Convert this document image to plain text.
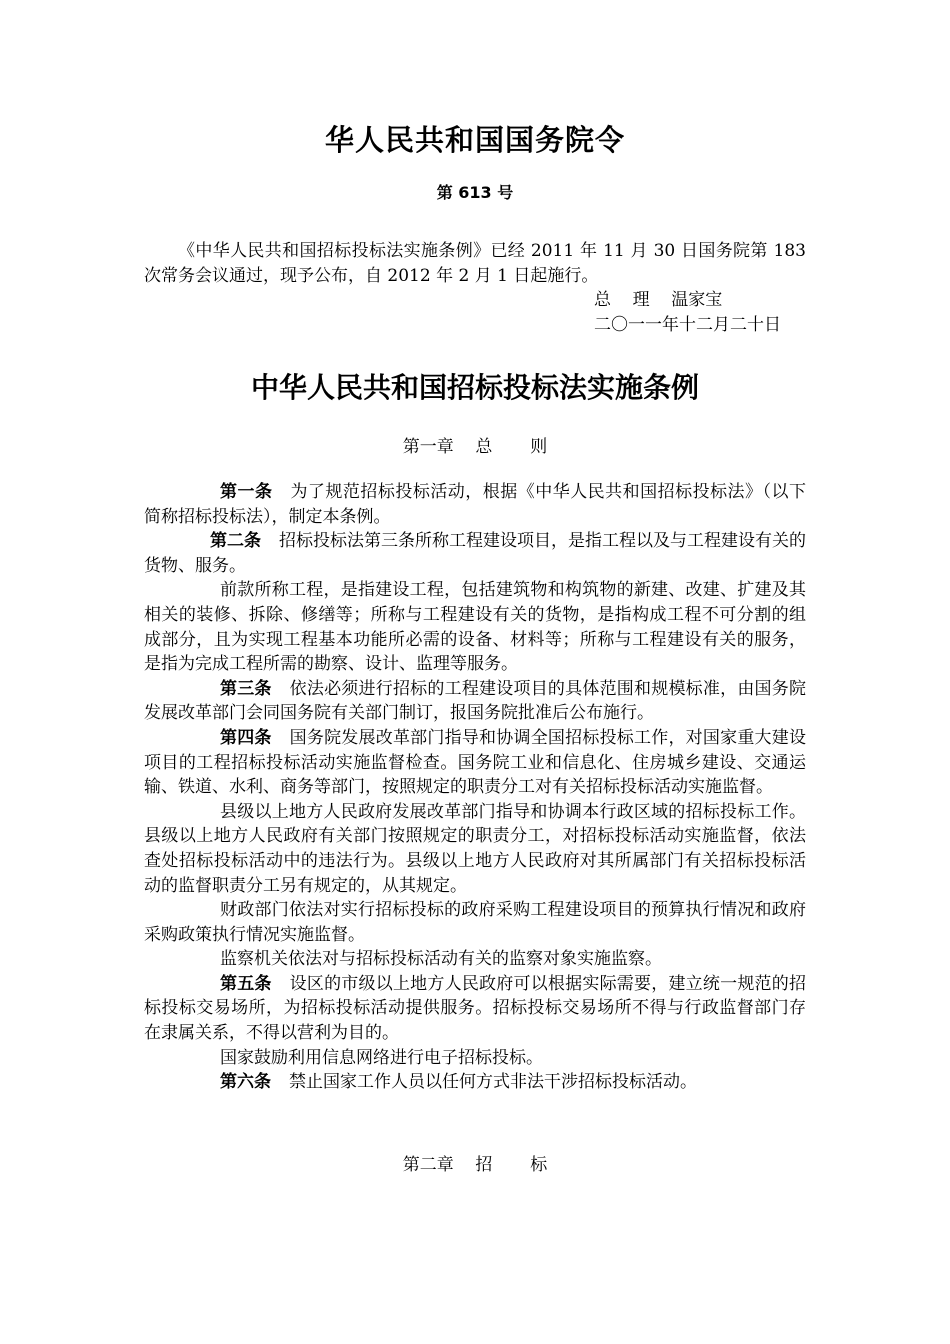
华人民共和国国务院令
第 613 号
《中华人民共和国招标投标法实施条例》已经 2011 年 11 月 30 日国务院第 183 次常务会议通过，现予公布，自 2012 年 2 月 1 日起施行。
总    理    温家宝
二〇一一年十二月二十日
中华人民共和国招标投标法实施条例
第一章    总       则

第一条 为了规范招标投标活动，根据《中华人民共和国招标投标法》（以下简称招标投标法），制定本条例。

第二条 招标投标法第三条所称工程建设项目，是指工程以及与工程建设有关的货物、服务。

前款所称工程，是指建设工程，包括建筑物和构筑物的新建、改建、扩建及其相关的装修、拆除、修缮等；所称与工程建设有关的货物，是指构成工程不可分割的组成部分，且为实现工程基本功能所必需的设备、材料等；所称与工程建设有关的服务，是指为完成工程所需的勘察、设计、监理等服务。

第三条 依法必须进行招标的工程建设项目的具体范围和规模标准，由国务院发展改革部门会同国务院有关部门制订，报国务院批准后公布施行。

第四条 国务院发展改革部门指导和协调全国招标投标工作，对国家重大建设项目的工程招标投标活动实施监督检查。国务院工业和信息化、住房城乡建设、交通运输、铁道、水利、商务等部门，按照规定的职责分工对有关招标投标活动实施监督。

县级以上地方人民政府发展改革部门指导和协调本行政区域的招标投标工作。县级以上地方人民政府有关部门按照规定的职责分工，对招标投标活动实施监督，依法查处招标投标活动中的违法行为。县级以上地方人民政府对其所属部门有关招标投标活动的监督职责分工另有规定的，从其规定。

财政部门依法对实行招标投标的政府采购工程建设项目的预算执行情况和政府采购政策执行情况实施监督。

监察机关依法对与招标投标活动有关的监察对象实施监察。

第五条 设区的市级以上地方人民政府可以根据实际需要，建立统一规范的招标投标交易场所，为招标投标活动提供服务。招标投标交易场所不得与行政监督部门存在隶属关系，不得以营利为目的。

国家鼓励利用信息网络进行电子招标投标。

第六条 禁止国家工作人员以任何方式非法干涉招标投标活动。

第二章    招       标
